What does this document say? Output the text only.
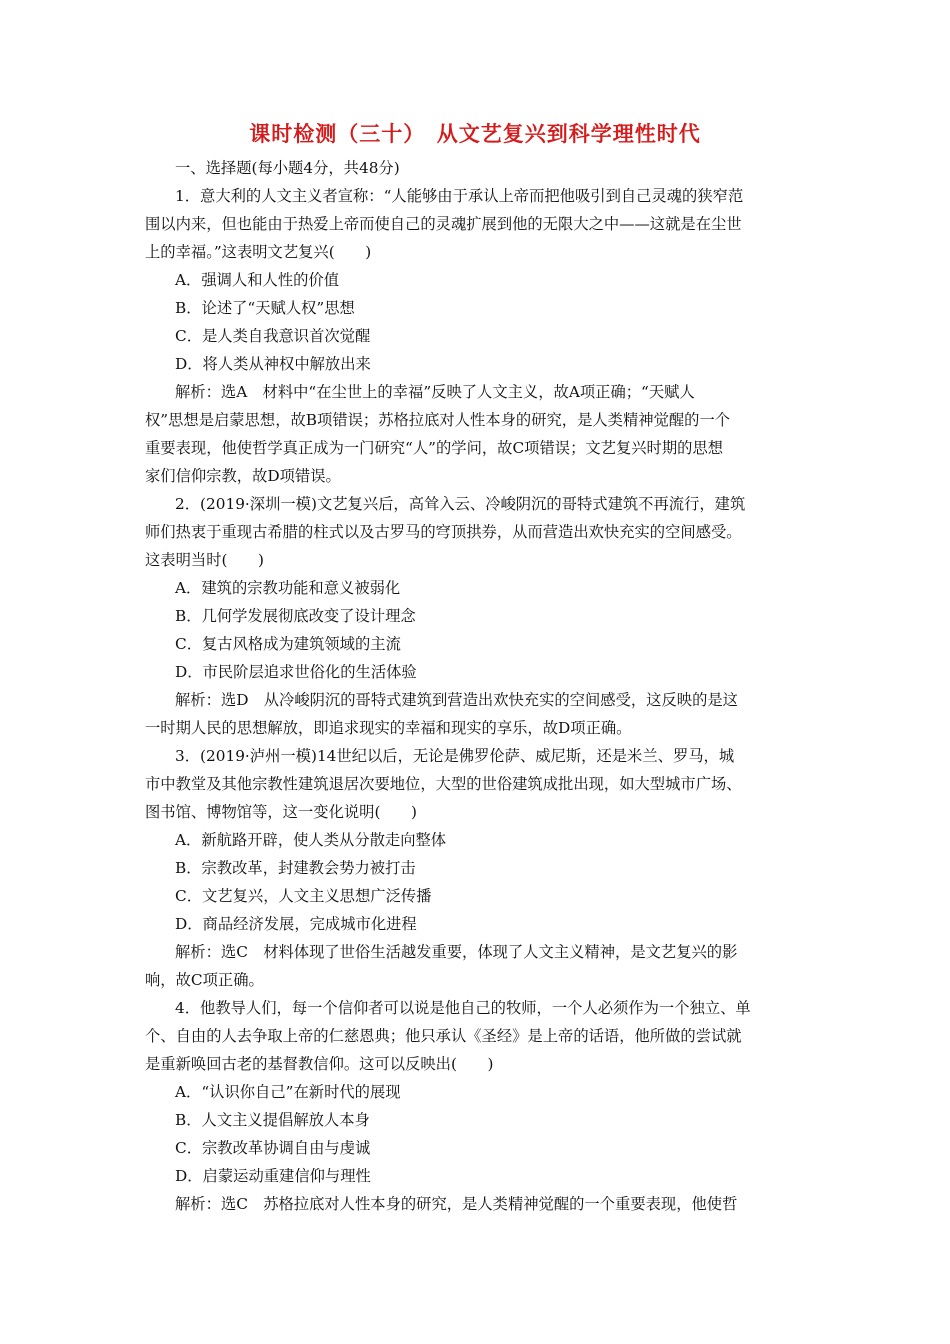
课时检测（三十）　从文艺复兴到科学理性时代

一、选择题(每小题4分，共48分)

1．意大利的人文主义者宣称：“人能够由于承认上帝而把他吸引到自己灵魂的狭窄范

围以内来，但也能由于热爱上帝而使自己的灵魂扩展到他的无限大之中——这就是在尘世

上的幸福。”这表明文艺复兴(　　)

A．强调人和人性的价值

B．论述了“天赋人权”思想

C．是人类自我意识首次觉醒

D．将人类从神权中解放出来

解析：选A　材料中“在尘世上的幸福”反映了人文主义，故A项正确；“天赋人

权”思想是启蒙思想，故B项错误；苏格拉底对人性本身的研究，是人类精神觉醒的一个

重要表现，他使哲学真正成为一门研究“人”的学问，故C项错误；文艺复兴时期的思想

家们信仰宗教，故D项错误。

2．(2019·深圳一模)文艺复兴后，高耸入云、冷峻阴沉的哥特式建筑不再流行，建筑

师们热衷于重现古希腊的柱式以及古罗马的穹顶拱券，从而营造出欢快充实的空间感受。

这表明当时(　　)

A．建筑的宗教功能和意义被弱化

B．几何学发展彻底改变了设计理念

C．复古风格成为建筑领域的主流

D．市民阶层追求世俗化的生活体验

解析：选D　从冷峻阴沉的哥特式建筑到营造出欢快充实的空间感受，这反映的是这

一时期人民的思想解放，即追求现实的幸福和现实的享乐，故D项正确。

3．(2019·泸州一模)14世纪以后，无论是佛罗伦萨、威尼斯，还是米兰、罗马，城

市中教堂及其他宗教性建筑退居次要地位，大型的世俗建筑成批出现，如大型城市广场、

图书馆、博物馆等，这一变化说明(　　)

A．新航路开辟，使人类从分散走向整体

B．宗教改革，封建教会势力被打击

C．文艺复兴，人文主义思想广泛传播

D．商品经济发展，完成城市化进程

解析：选C　材料体现了世俗生活越发重要，体现了人文主义精神，是文艺复兴的影

响，故C项正确。

4．他教导人们，每一个信仰者可以说是他自己的牧师，一个人必须作为一个独立、单

个、自由的人去争取上帝的仁慈恩典；他只承认《圣经》是上帝的话语，他所做的尝试就

是重新唤回古老的基督教信仰。这可以反映出(　　)

A．“认识你自己”在新时代的展现

B．人文主义提倡解放人本身

C．宗教改革协调自由与虔诚

D．启蒙运动重建信仰与理性

解析：选C　苏格拉底对人性本身的研究，是人类精神觉醒的一个重要表现，他使哲
